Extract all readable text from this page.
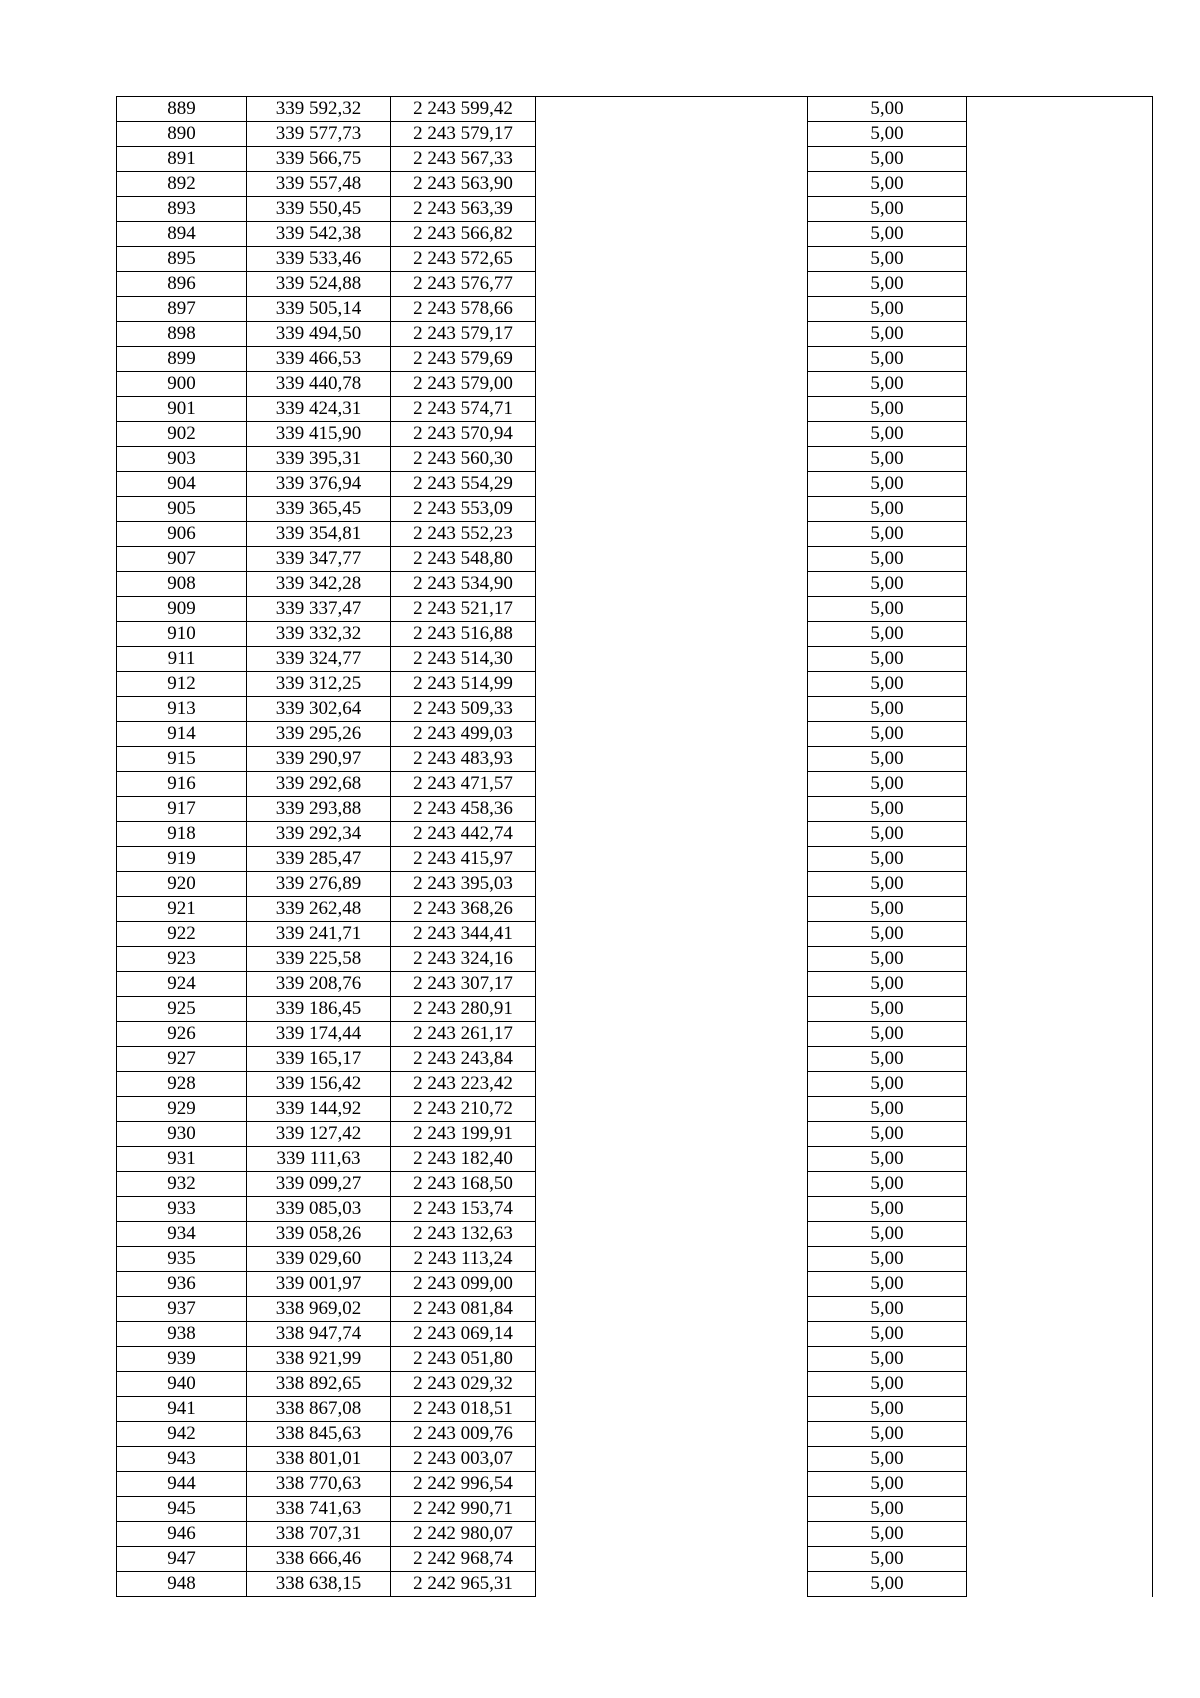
889	339 592,32	2 243 599,42		5,00	
890	339 577,73	2 243 579,17		5,00	
891	339 566,75	2 243 567,33		5,00	
892	339 557,48	2 243 563,90		5,00	
893	339 550,45	2 243 563,39		5,00	
894	339 542,38	2 243 566,82		5,00	
895	339 533,46	2 243 572,65		5,00	
896	339 524,88	2 243 576,77		5,00	
897	339 505,14	2 243 578,66		5,00	
898	339 494,50	2 243 579,17		5,00	
899	339 466,53	2 243 579,69		5,00	
900	339 440,78	2 243 579,00		5,00	
901	339 424,31	2 243 574,71		5,00	
902	339 415,90	2 243 570,94		5,00	
903	339 395,31	2 243 560,30		5,00	
904	339 376,94	2 243 554,29		5,00	
905	339 365,45	2 243 553,09		5,00	
906	339 354,81	2 243 552,23		5,00	
907	339 347,77	2 243 548,80		5,00	
908	339 342,28	2 243 534,90		5,00	
909	339 337,47	2 243 521,17		5,00	
910	339 332,32	2 243 516,88		5,00	
911	339 324,77	2 243 514,30		5,00	
912	339 312,25	2 243 514,99		5,00	
913	339 302,64	2 243 509,33		5,00	
914	339 295,26	2 243 499,03		5,00	
915	339 290,97	2 243 483,93		5,00	
916	339 292,68	2 243 471,57		5,00	
917	339 293,88	2 243 458,36		5,00	
918	339 292,34	2 243 442,74		5,00	
919	339 285,47	2 243 415,97		5,00	
920	339 276,89	2 243 395,03		5,00	
921	339 262,48	2 243 368,26		5,00	
922	339 241,71	2 243 344,41		5,00	
923	339 225,58	2 243 324,16		5,00	
924	339 208,76	2 243 307,17		5,00	
925	339 186,45	2 243 280,91		5,00	
926	339 174,44	2 243 261,17		5,00	
927	339 165,17	2 243 243,84		5,00	
928	339 156,42	2 243 223,42		5,00	
929	339 144,92	2 243 210,72		5,00	
930	339 127,42	2 243 199,91		5,00	
931	339 111,63	2 243 182,40		5,00	
932	339 099,27	2 243 168,50		5,00	
933	339 085,03	2 243 153,74		5,00	
934	339 058,26	2 243 132,63		5,00	
935	339 029,60	2 243 113,24		5,00	
936	339 001,97	2 243 099,00		5,00	
937	338 969,02	2 243 081,84		5,00	
938	338 947,74	2 243 069,14		5,00	
939	338 921,99	2 243 051,80		5,00	
940	338 892,65	2 243 029,32		5,00	
941	338 867,08	2 243 018,51		5,00	
942	338 845,63	2 243 009,76		5,00	
943	338 801,01	2 243 003,07		5,00	
944	338 770,63	2 242 996,54		5,00	
945	338 741,63	2 242 990,71		5,00	
946	338 707,31	2 242 980,07		5,00	
947	338 666,46	2 242 968,74		5,00	
948	338 638,15	2 242 965,31		5,00	
